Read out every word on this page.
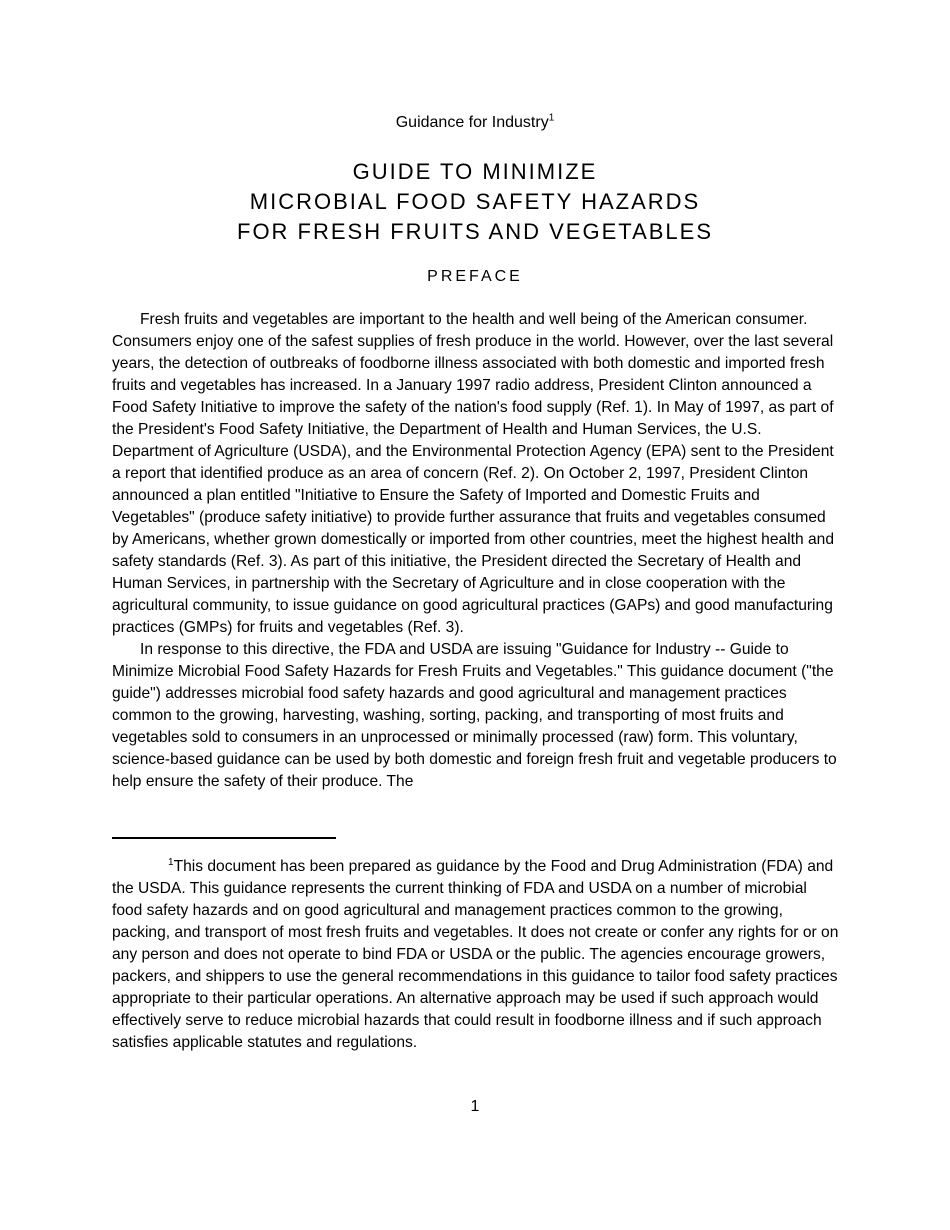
Guidance for Industry$^1$
GUIDE TO MINIMIZE
MICROBIAL FOOD SAFETY HAZARDS
FOR FRESH FRUITS AND VEGETABLES
PREFACE

Fresh fruits and vegetables are important to the health and well being of the American consumer. Consumers enjoy one of the safest supplies of fresh produce in the world. However, over the last several years, the detection of outbreaks of foodborne illness associated with both domestic and imported fresh fruits and vegetables has increased. In a January 1997 radio address, President Clinton announced a Food Safety Initiative to improve the safety of the nation's food supply (Ref. 1). In May of 1997, as part of the President's Food Safety Initiative, the Department of Health and Human Services, the U.S. Department of Agriculture (USDA), and the Environmental Protection Agency (EPA) sent to the President a report that identified produce as an area of concern (Ref. 2). On October 2, 1997, President Clinton announced a plan entitled "Initiative to Ensure the Safety of Imported and Domestic Fruits and Vegetables" (produce safety initiative) to provide further assurance that fruits and vegetables consumed by Americans, whether grown domestically or imported from other countries, meet the highest health and safety standards (Ref. 3). As part of this initiative, the President directed the Secretary of Health and Human Services, in partnership with the Secretary of Agriculture and in close cooperation with the agricultural community, to issue guidance on good agricultural practices (GAPs) and good manufacturing practices (GMPs) for fruits and vegetables (Ref. 3).

In response to this directive, the FDA and USDA are issuing "Guidance for Industry -- Guide to Minimize Microbial Food Safety Hazards for Fresh Fruits and Vegetables." This guidance document ("the guide") addresses microbial food safety hazards and good agricultural and management practices common to the growing, harvesting, washing, sorting, packing, and transporting of most fruits and vegetables sold to consumers in an unprocessed or minimally processed (raw) form. This voluntary, science-based guidance can be used by both domestic and foreign fresh fruit and vegetable producers to help ensure the safety of their produce. The

$^1$This document has been prepared as guidance by the Food and Drug Administration (FDA) and the USDA. This guidance represents the current thinking of FDA and USDA on a number of microbial food safety hazards and on good agricultural and management practices common to the growing, packing, and transport of most fresh fruits and vegetables. It does not create or confer any rights for or on any person and does not operate to bind FDA or USDA or the public. The agencies encourage growers, packers, and shippers to use the general recommendations in this guidance to tailor food safety practices appropriate to their particular operations. An alternative approach may be used if such approach would effectively serve to reduce microbial hazards that could result in foodborne illness and if such approach satisfies applicable statutes and regulations.

1
